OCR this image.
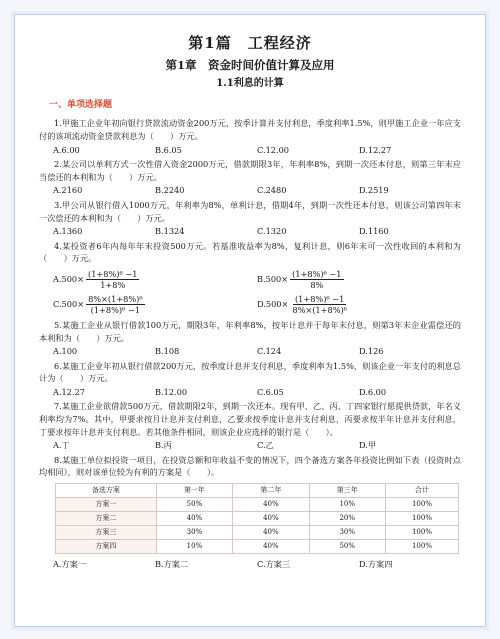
第1篇　工程经济
第1章　资金时间价值计算及应用
1.1利息的计算
一、单项选择题

1.甲施工企业年初向银行贷款流动资金200万元，按季计算并支付利息，季度利率1.5%，则甲施工企业一年应支付的该项流动资金贷款利息为（　　）万元。

A.6.00	B.6.05	C.12.00	D.12.27

2.某公司以单利方式一次性借入资金2000万元，借款期限3年，年利率8%，到期一次还本付息，则第三年末应当偿还的本利和为（　　）万元。

A.2160	B.2240	C.2480	D.2519

3.甲公司从银行借入1000万元，年利率为8%，单利计息，借期4年，到期一次性还本付息，则该公司第四年末一次偿还的本利和为（　　）万元。

A.1360	B.1324	C.1320	D.1160

4.某投资者6年内每年年末投资500万元。若基准收益率为8%，复利计息，则6年末可一次性收回的本利和为（　　）万元。

$A.500\times \frac{\text{(1+8\%)⁶ −1}}{1+8\%}$	$B.500\times \frac{\text{(1+8\%)⁶ −1}}{8\%}$
$C.500\times \frac{\text{8\%×(1+8\%)⁶}}{\text{(1+8\%)⁶ −1}}$	$D.500\times \frac{\text{(1+8\%)⁶ −1}}{\text{8\%×(1+8\%)⁶}}$

5.某施工企业从银行借款100万元，期限3年，年利率8%，按年计息并于每年末付息，则第3年末企业需偿还的本利和为（　　）万元。

A.100	B.108	C.124	D.126

6.某施工企业年初从银行借款200万元，按季度计息并支付利息，季度利率为1.5%，则该企业一年支付的利息总计为（　　）万元。

A.12.27	B.12.00	C.6.05	D.6.00

7.某施工企业欲借款500万元，借款期限2年，到期一次还本。现有甲、乙、丙、丁四家银行愿提供贷款，年名义利率均为7%。其中，甲要求按月计息并支付利息，乙要求按季度计息并支付利息，丙要求按半年计息并支付利息，丁要求按年计息并支付利息。若其他条件相同，则该企业应选择的银行是（　　）。

A.丁	B.丙	C.乙	D.甲

8.某施工单位拟投资一项目，在投资总额和年收益不变的情况下，四个备选方案各年投资比例如下表（投资时点均相同），则对该单位较为有利的方案是（　　）。

备选方案	第一年	第二年	第三年	合计
方案一	50%	40%	10%	100%
方案二	40%	40%	20%	100%
方案三	30%	40%	30%	100%
方案四	10%	40%	50%	100%
A.方案一	B.方案二	C.方案三	D.方案四
